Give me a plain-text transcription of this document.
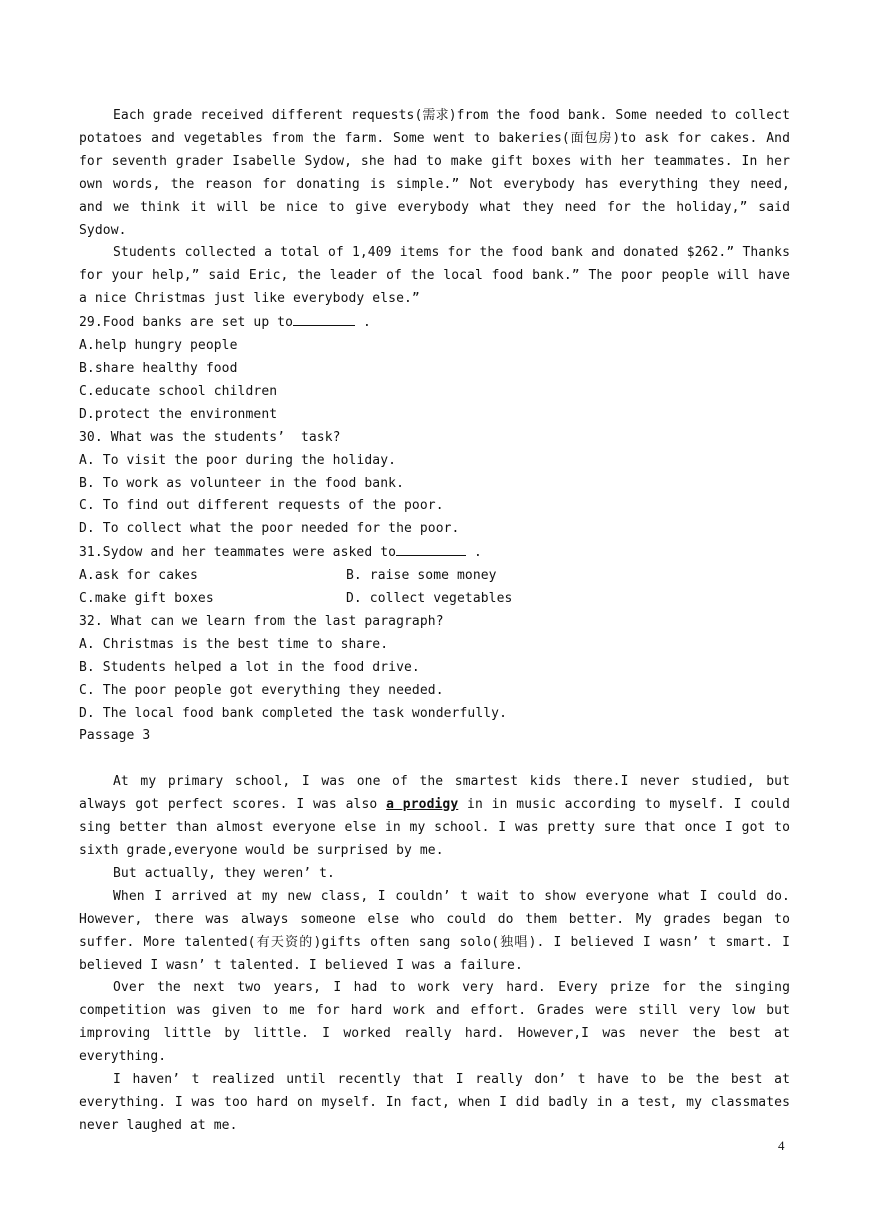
Each grade received different requests(需求)from the food bank. Some needed to collect potatoes and vegetables from the farm. Some went to bakeries(面包房)to ask for cakes. And for seventh grader Isabelle Sydow, she had to make gift boxes with her teammates. In her own words, the reason for donating is simple.” Not everybody has everything they need, and we think it will be nice to give everybody what they need for the holiday,” said Sydow.

Students collected a total of 1,409 items for the food bank and donated $262.” Thanks for your help,” said Eric, the leader of the local food bank.” The poor people will have a nice Christmas just like everybody else.”

29.Food banks are set up to	.

A.help hungry people

B.share healthy food

C.educate school children

D.protect the environment

30. What was the students’  task?

A. To visit the poor during the holiday.

B. To work as volunteer in the food bank.

C. To find out different requests of the poor.

D. To collect what the poor needed for the poor.

31.Sydow and her teammates were asked to	.

A.ask for cakes	B. raise some money
C.make gift boxes	D. collect vegetables

32. What can we learn from the last paragraph?

A. Christmas is the best time to share.

B. Students helped a lot in the food drive.

C. The poor people got everything they needed.

D. The local food bank completed the task wonderfully.

Passage 3

At my primary school, I was one of the smartest kids there.I never studied, but always got perfect scores. I was also a prodigy in in music according to myself. I could sing better than almost everyone else in my school. I was pretty sure that once I got to sixth grade,everyone would be surprised by me.

But actually, they weren’ t.

When I arrived at my new class, I couldn’ t wait to show everyone what I could do. However, there was always someone else who could do them better. My grades began to suffer. More talented(有天资的)gifts often sang solo(独唱). I believed I wasn’ t smart. I believed I wasn’ t talented. I believed I was a failure.

Over the next two years, I had to work very hard. Every prize for the singing competition was given to me for hard work and effort. Grades were still very low but improving little by little. I worked really hard. However,I was never the best at everything.

I haven’ t realized until recently that I really don’ t have to be the best at everything. I was too hard on myself. In fact, when I did badly in a test, my classmates never laughed at me.

4
